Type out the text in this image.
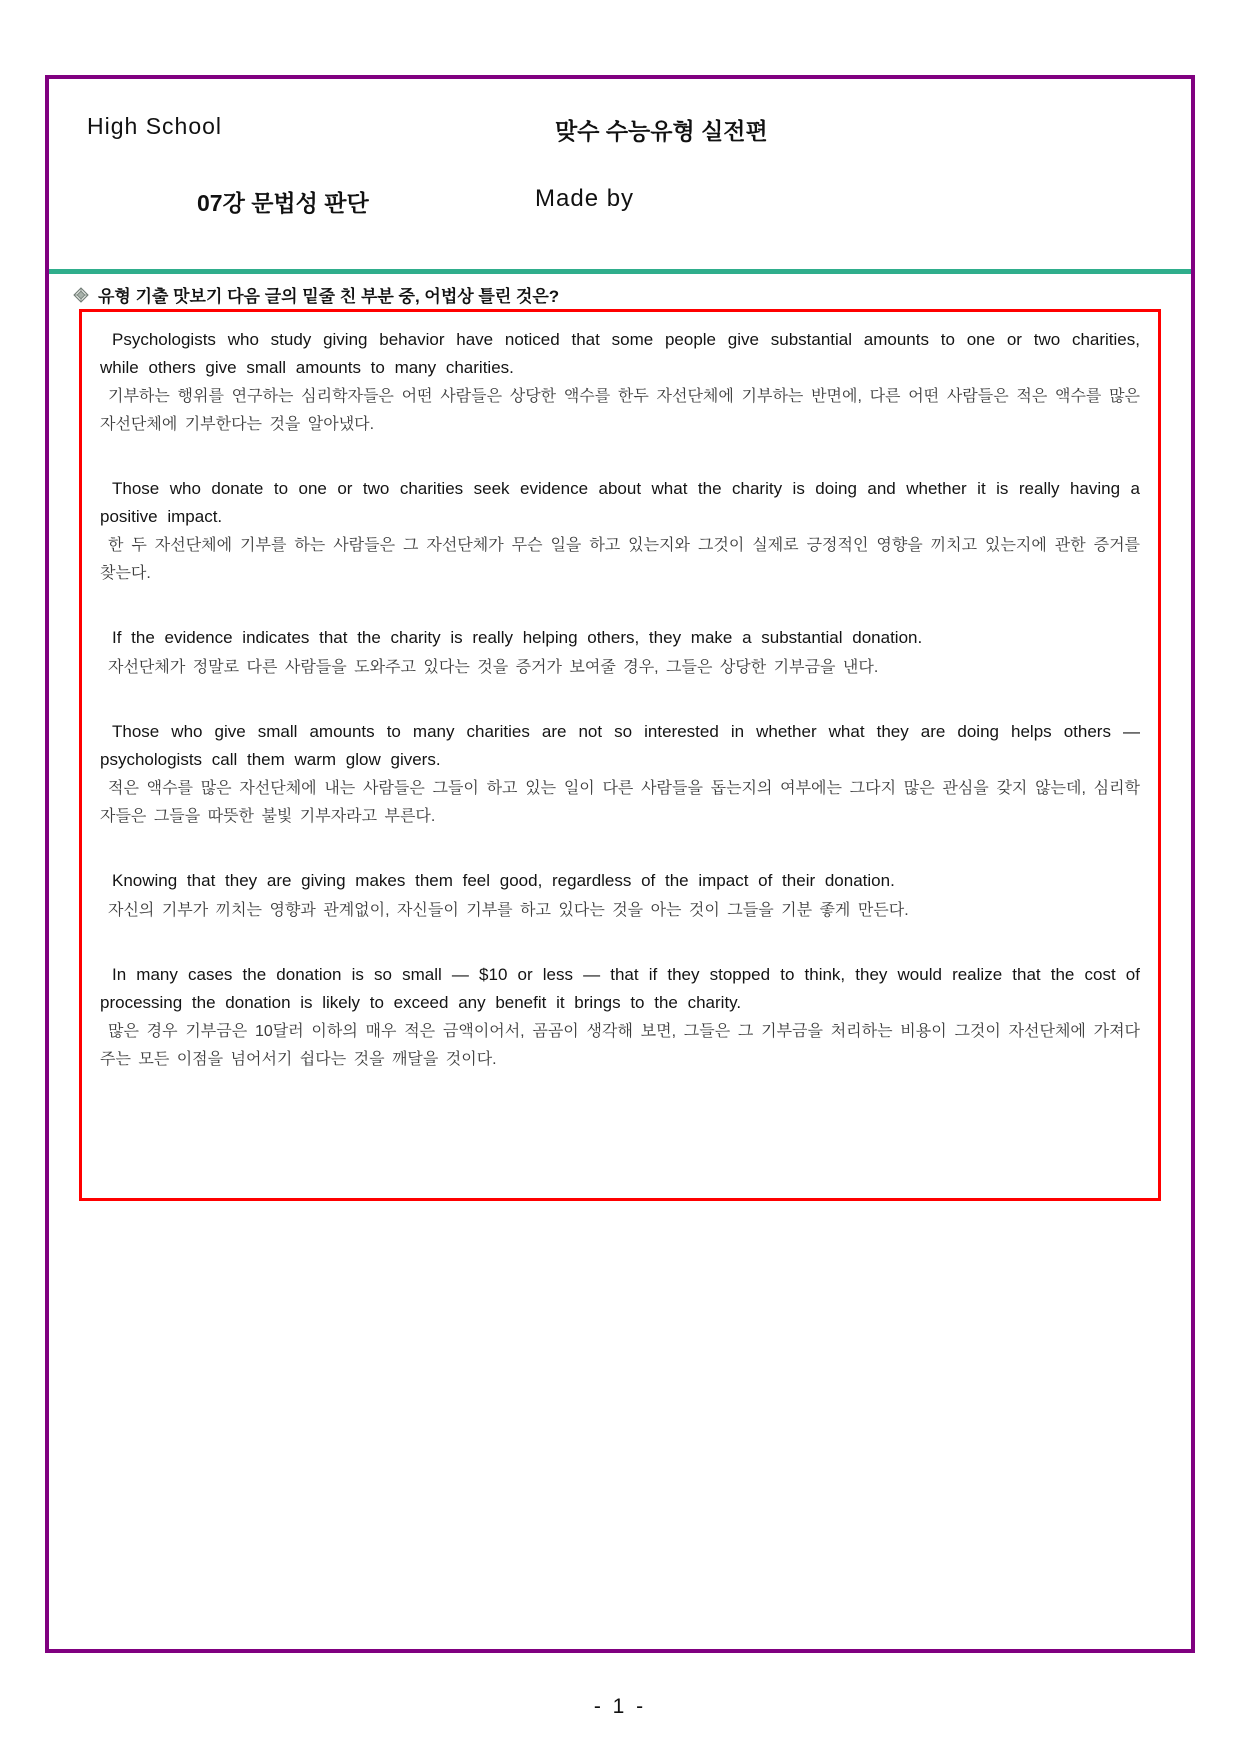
High School	맞수 수능유형 실전편
07강 문법성 판단	Made by
유형 기출 맛보기 다음 글의 밑줄 친 부분 중, 어법상 틀린 것은?
Psychologists who study giving behavior have noticed that some people give substantial amounts to one or two charities, while others give small amounts to many charities.
기부하는 행위를 연구하는 심리학자들은 어떤 사람들은 상당한 액수를 한두 자선단체에 기부하는 반면에, 다른 어떤 사람들은 적은 액수를 많은 자선단체에 기부한다는 것을 알아냈다.
Those who donate to one or two charities seek evidence about what the charity is doing and whether it is really having a positive impact.
한 두 자선단체에 기부를 하는 사람들은 그 자선단체가 무슨 일을 하고 있는지와 그것이 실제로 긍정적인 영향을 끼치고 있는지에 관한 증거를 찾는다.
If the evidence indicates that the charity is really helping others, they make a substantial donation.
자선단체가 정말로 다른 사람들을 도와주고 있다는 것을 증거가 보여줄 경우, 그들은 상당한 기부금을 낸다.
Those who give small amounts to many charities are not so interested in whether what they are doing helps others — psychologists call them warm glow givers.
적은 액수를 많은 자선단체에 내는 사람들은 그들이 하고 있는 일이 다른 사람들을 돕는지의 여부에는 그다지 많은 관심을 갖지 않는데, 심리학자들은 그들을 따뜻한 불빛 기부자라고 부른다.
Knowing that they are giving makes them feel good, regardless of the impact of their donation.
자신의 기부가 끼치는 영향과 관계없이, 자신들이 기부를 하고 있다는 것을 아는 것이 그들을 기분 좋게 만든다.
In many cases the donation is so small — $10 or less — that if they stopped to think, they would realize that the cost of processing the donation is likely to exceed any benefit it brings to the charity.
많은 경우 기부금은 10달러 이하의 매우 적은 금액이어서, 곰곰이 생각해 보면, 그들은 그 기부금을 처리하는 비용이 그것이 자선단체에 가져다주는 모든 이점을 넘어서기 쉽다는 것을 깨달을 것이다.
- 1 -
